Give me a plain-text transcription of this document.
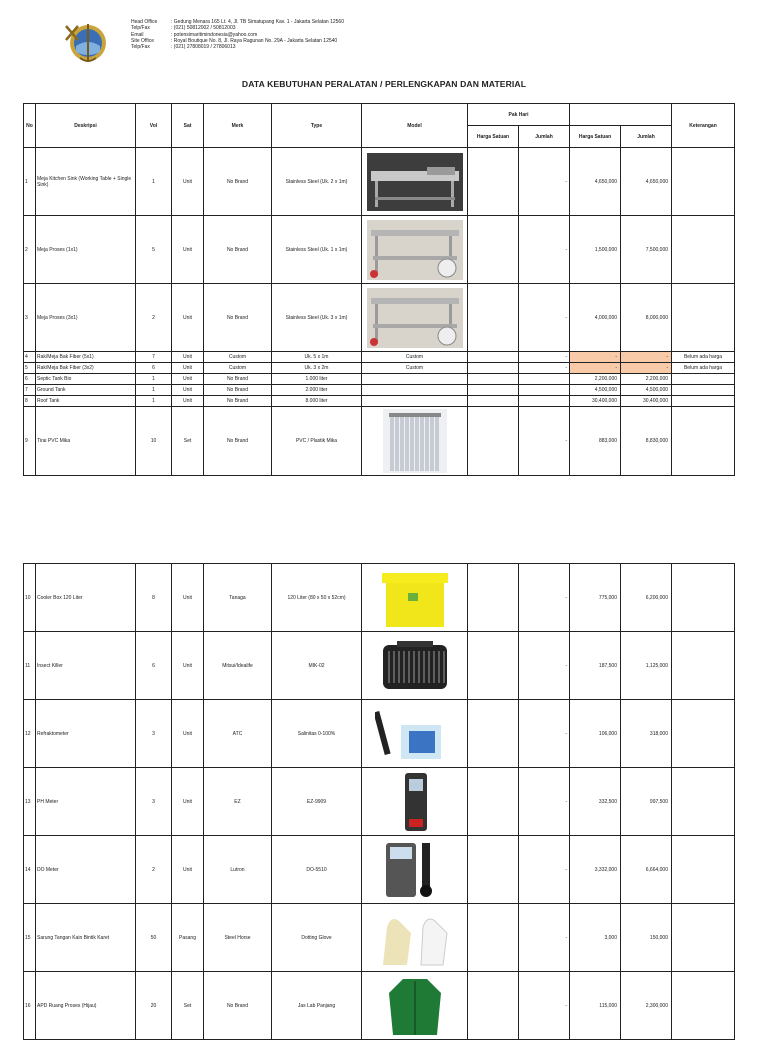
Head Office	: Gedung Menara 165 Lt. 4, Jl. TB Simatupang Kav. 1 - Jakarta Selatan 12560
Telp/Fax	: (021) 50812002 / 50812003
Email	: potensimaritimindonesia@yahoo.com
Site Office	: Royal Boutique No. 8, Jl. Raya Ragunan No. 29A - Jakarta Selatan 12540
Telp/Fax	: (021) 27808019 / 27806013
DATA KEBUTUHAN PERALATAN / PERLENGKAPAN DAN MATERIAL
No	Deskripsi	Vol	Sat	Merk	Type	Model	Pak Hari				Keterangan
							Harga Satuan	Jumlah	Harga Satuan	Jumlah	
1	Meja Kitchen Sink (Working Table + Single Sink)	1	Unit	No Brand	Stainless Steel (Uk. 2 x 1m)			-	4,650,000	4,650,000	
2	Meja Proses (1x1)	5	Unit	No Brand	Stainless Steel (Uk. 1 x 1m)			-	1,500,000	7,500,000	
3	Meja Proses (3x1)	2	Unit	No Brand	Stainless Steel (Uk. 3 x 1m)			-	4,000,000	8,000,000	
4	Rak/Meja Bak Fiber (5x1)	7	Unit	Custom	Uk. 5 x 1m	Custom		-	-	-	Belum ada harga
5	Rak/Meja Bak Fiber (3x2)	6	Unit	Custom	Uk. 3 x 2m	Custom		-	-	-	Belum ada harga
6	Septic Tank Bio	1	Unit	No Brand	1.000 liter				2,200,000	2,200,000	
7	Ground Tank	1	Unit	No Brand	2.000 liter				4,500,000	4,500,000	
8	Roof Tank	1	Unit	No Brand	8.000 liter				30,400,000	30,400,000	
9	Tirai PVC Mika	10	Set	No Brand	PVC / Plastik Mika			-	883,000	8,830,000	
10	Cooler Box 120 Liter	8	Unit	Tanaga	120 Liter (80 x 50 x 52cm)			-	775,000	6,200,000	
11	Insect Killer	6	Unit	Mitsui/Idealife	MIK-02			-	187,500	1,125,000	
12	Refraktometer	3	Unit	ATC	Salinitas 0-100%			-	106,000	318,000	
13	PH Meter	3	Unit	EZ	EZ-9909			-	332,500	997,500	
14	DO Meter	2	Unit	Lutron	DO-5510			-	3,332,000	6,664,000	
15	Sarung Tangan Kain Bintik Karet	50	Pasang	Steel Horse	Dotting Glove			-	3,000	150,000	
16	APD Ruang Proses (Hijau)	20	Set	No Brand	Jas Lab Panjang			-	115,000	2,300,000	
